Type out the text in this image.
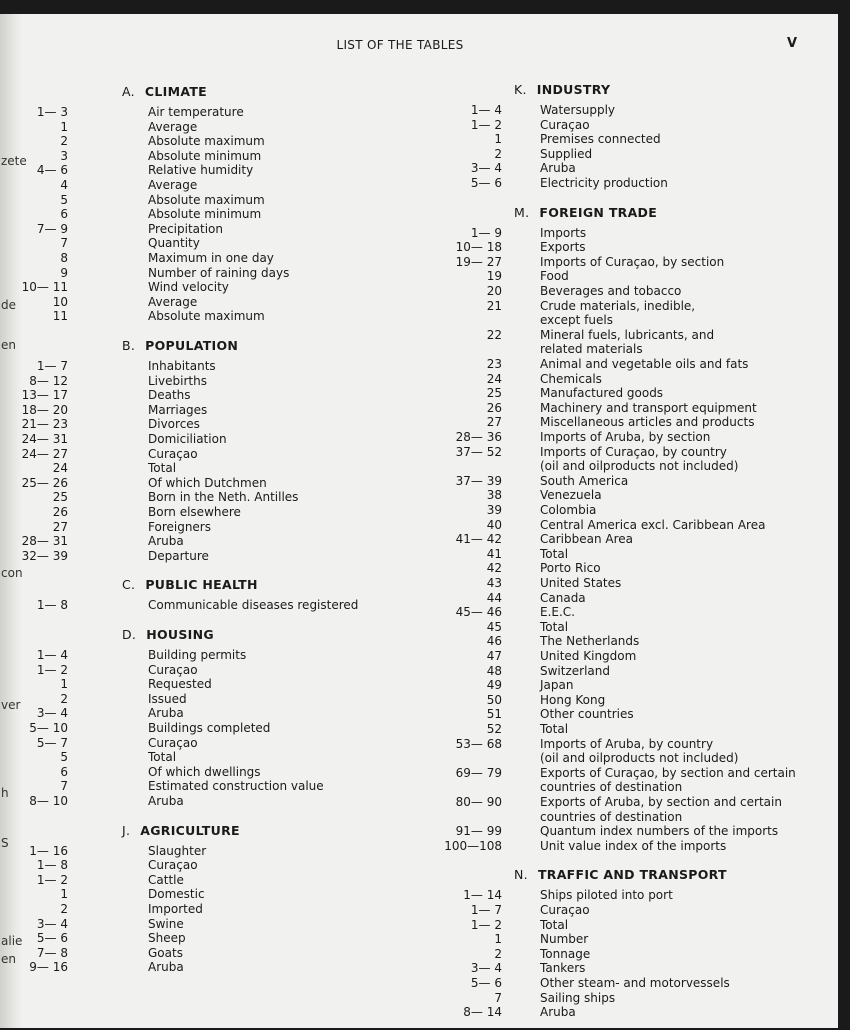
zete
de
en
con
ver
h
S
alie
en
LIST OF THE TABLES	V
A. CLIMATE
1— 3	Air temperature
1	Average
2	Absolute maximum
3	Absolute minimum
4— 6	Relative humidity
4	Average
5	Absolute maximum
6	Absolute minimum
7— 9	Precipitation
7	Quantity
8	Maximum in one day
9	Number of raining days
10— 11	Wind velocity
10	Average
11	Absolute maximum
B. POPULATION
1— 7	Inhabitants
8— 12	Livebirths
13— 17	Deaths
18— 20	Marriages
21— 23	Divorces
24— 31	Domiciliation
24— 27	Curaçao
24	Total
25— 26	Of which Dutchmen
25	Born in the Neth. Antilles
26	Born elsewhere
27	Foreigners
28— 31	Aruba
32— 39	Departure
C. PUBLIC HEALTH
1— 8	Communicable diseases registered
D. HOUSING
1— 4	Building permits
1— 2	Curaçao
1	Requested
2	Issued
3— 4	Aruba
5— 10	Buildings completed
5— 7	Curaçao
5	Total
6	Of which dwellings
7	Estimated construction value
8— 10	Aruba
J. AGRICULTURE
1— 16	Slaughter
1— 8	Curaçao
1— 2	Cattle
1	Domestic
2	Imported
3— 4	Swine
5— 6	Sheep
7— 8	Goats
9— 16	Aruba
K. INDUSTRY
1— 4	Watersupply
1— 2	Curaçao
1	Premises connected
2	Supplied
3— 4	Aruba
5— 6	Electricity production
M. FOREIGN TRADE
1— 9	Imports
10— 18	Exports
19— 27	Imports of Curaçao, by section
19	Food
20	Beverages and tobacco
21	Crude materials, inedible,
except fuels
22	Mineral fuels, lubricants, and
related materials
23	Animal and vegetable oils and fats
24	Chemicals
25	Manufactured goods
26	Machinery and transport equipment
27	Miscellaneous articles and products
28— 36	Imports of Aruba, by section
37— 52	Imports of Curaçao, by country
(oil and oilproducts not included)
37— 39	South America
38	Venezuela
39	Colombia
40	Central America excl. Caribbean Area
41— 42	Caribbean Area
41	Total
42	Porto Rico
43	United States
44	Canada
45— 46	E.E.C.
45	Total
46	The Netherlands
47	United Kingdom
48	Switzerland
49	Japan
50	Hong Kong
51	Other countries
52	Total
53— 68	Imports of Aruba, by country
(oil and oilproducts not included)
69— 79	Exports of Curaçao, by section and certain
countries of destination
80— 90	Exports of Aruba, by section and certain
countries of destination
91— 99	Quantum index numbers of the imports
100—108	Unit value index of the imports
N. TRAFFIC AND TRANSPORT
1— 14	Ships piloted into port
1— 7	Curaçao
1— 2	Total
1	Number
2	Tonnage
3— 4	Tankers
5— 6	Other steam- and motorvessels
7	Sailing ships
8— 14	Aruba
